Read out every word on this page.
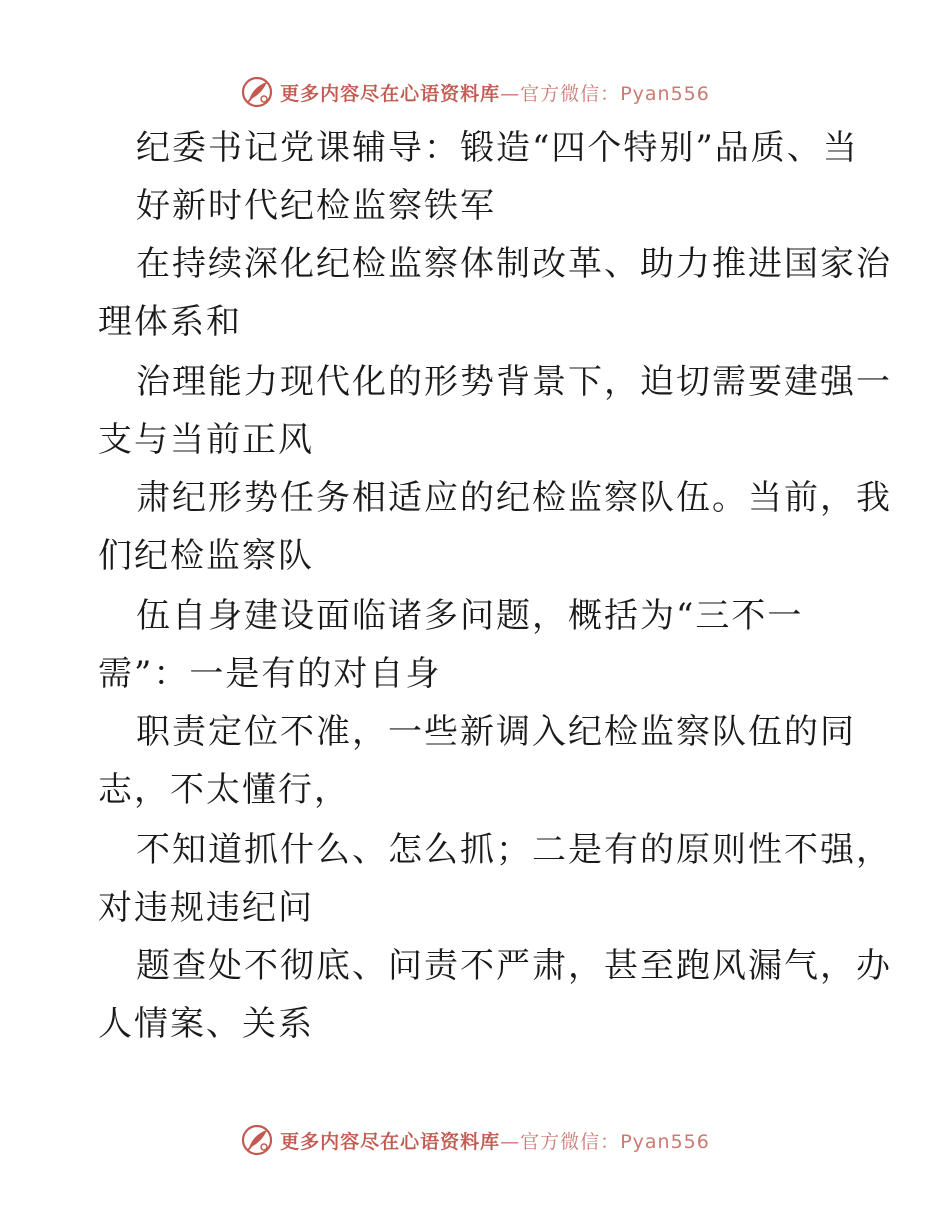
更多内容尽在心语资料库—官方微信：Pyan556
纪委书记党课辅导：锻造“四个特别”品质、当
好新时代纪检监察铁军
在持续深化纪检监察体制改革、助力推进国家治
理体系和
治理能力现代化的形势背景下，迫切需要建强一
支与当前正风
肃纪形势任务相适应的纪检监察队伍。当前，我
们纪检监察队
伍自身建设面临诸多问题，概括为“三不一
需”：一是有的对自身
职责定位不准，一些新调入纪检监察队伍的同
志，不太懂行，
不知道抓什么、怎么抓；二是有的原则性不强，
对违规违纪问
题查处不彻底、问责不严肃，甚至跑风漏气，办
人情案、关系
更多内容尽在心语资料库—官方微信：Pyan556
